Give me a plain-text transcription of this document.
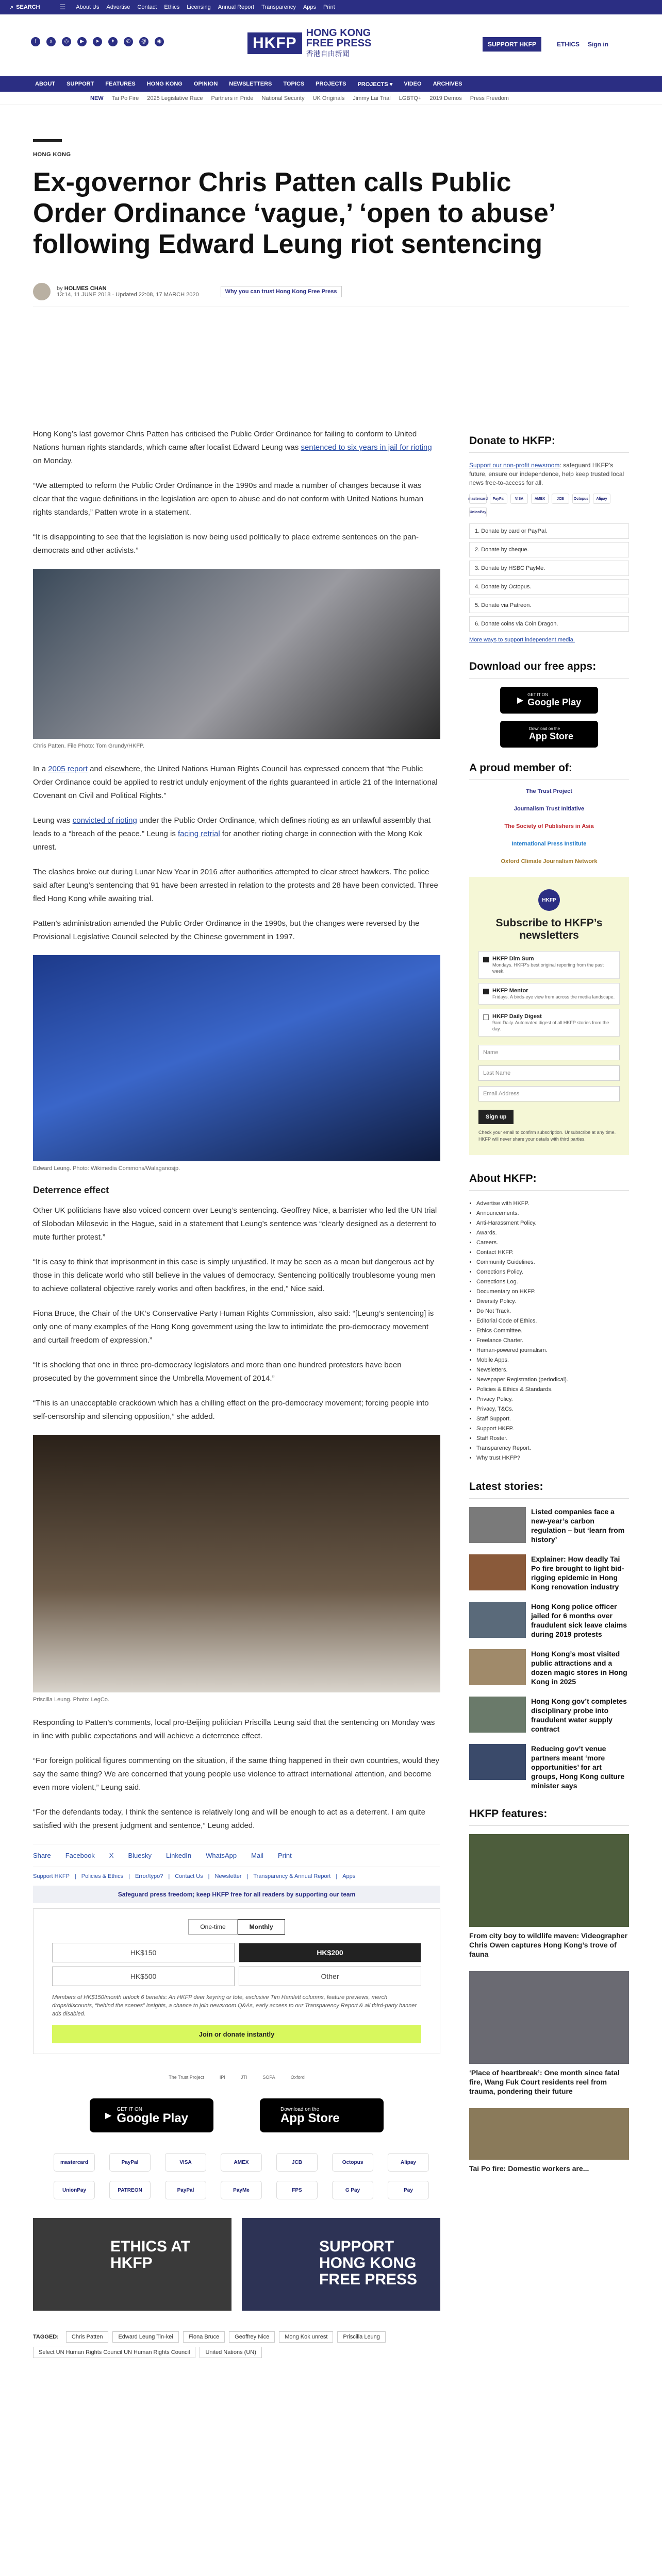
⌕ SEARCH	☰ About Us Advertise Contact Ethics Licensing Annual Report Transparency Apps Print
f	x	◎	▶	➤	✦	✆	@	◉	HKFP
HONG KONG
FREE PRESS
香港自由新聞
SUPPORT HKFP	ETHICS Sign in
ABOUT SUPPORT FEATURES HONG KONG OPINION NEWSLETTERS TOPICS PROJECTS PROJECTS ▾ VIDEO ARCHIVES
NEW Tai Po Fire 2025 Legislative Race Partners in Pride National Security UK Originals Jimmy Lai Trial LGBTQ+ 2019 Demos Press Freedom
HONG KONG
Ex-governor Chris Patten calls Public Order Ordinance ‘vague,’ ‘open to abuse’ following Edward Leung riot sentencing
by HOLMES CHAN
13:14, 11 JUNE 2018 · Updated 22:08, 17 MARCH 2020	Why you can trust Hong Kong Free Press

Hong Kong’s last governor Chris Patten has criticised the Public Order Ordinance for failing to conform to United Nations human rights standards, which came after localist Edward Leung was sentenced to six years in jail for rioting on Monday.

“We attempted to reform the Public Order Ordinance in the 1990s and made a number of changes because it was clear that the vague definitions in the legislation are open to abuse and do not conform with United Nations human rights standards,” Patten wrote in a statement.

“It is disappointing to see that the legislation is now being used politically to place extreme sentences on the pan-democrats and other activists.”

Chris Patten. File Photo: Tom Grundy/HKFP.

In a 2005 report and elsewhere, the United Nations Human Rights Council has expressed concern that “the Public Order Ordinance could be applied to restrict unduly enjoyment of the rights guaranteed in article 21 of the International Covenant on Civil and Political Rights.”

Leung was convicted of rioting under the Public Order Ordinance, which defines rioting as an unlawful assembly that leads to a “breach of the peace.” Leung is facing retrial for another rioting charge in connection with the Mong Kok unrest.

The clashes broke out during Lunar New Year in 2016 after authorities attempted to clear street hawkers. The police said after Leung’s sentencing that 91 have been arrested in relation to the protests and 28 have been convicted. Three fled Hong Kong while awaiting trial.

Patten’s administration amended the Public Order Ordinance in the 1990s, but the changes were reversed by the Provisional Legislative Council selected by the Chinese government in 1997.

Edward Leung. Photo: Wikimedia Commons/Walaganosjp.
Deterrence effect

Other UK politicians have also voiced concern over Leung’s sentencing. Geoffrey Nice, a barrister who led the UN trial of Slobodan Milosevic in the Hague, said in a statement that Leung’s sentence was “clearly designed as a deterrent to mute further protest.”

“It is easy to think that imprisonment in this case is simply unjustified. It may be seen as a mean but dangerous act by those in this delicate world who still believe in the values of democracy. Sentencing politically troublesome young men to achieve collateral objective rarely works and often backfires, in the end,” Nice said.

Fiona Bruce, the Chair of the UK’s Conservative Party Human Rights Commission, also said: “[Leung’s sentencing] is only one of many examples of the Hong Kong government using the law to intimidate the pro-democracy movement and curtail freedom of expression.”

“It is shocking that one in three pro-democracy legislators and more than one hundred protesters have been prosecuted by the government since the Umbrella Movement of 2014.”

“This is an unacceptable crackdown which has a chilling effect on the pro-democracy movement; forcing people into self-censorship and silencing opposition,” she added.

Priscilla Leung. Photo: LegCo.

Responding to Patten’s comments, local pro-Beijing politician Priscilla Leung said that the sentencing on Monday was in line with public expectations and will achieve a deterrence effect.

“For foreign political figures commenting on the situation, if the same thing happened in their own countries, would they say the same thing? We are concerned that young people use violence to attract international attention, and become even more violent,” Leung said.

“For the defendants today, I think the sentence is relatively long and will be enough to act as a deterrent. I am quite satisfied with the present judgment and sentence,” Leung added.

Share Facebook X Bluesky LinkedIn WhatsApp Mail Print
Support HKFP | Policies & Ethics | Error/typo? | Contact Us | Newsletter | Transparency & Annual Report | Apps
Safeguard press freedom; keep HKFP free for all readers by supporting our team
One-time	Monthly
HK$150	HK$200
HK$500	Other
Members of HK$150/month unlock 6 benefits: An HKFP deer keyring or tote, exclusive Tim Hamlett columns, feature previews, merch drops/discounts, “behind the scenes” insights, a chance to join newsroom Q&As, early access to our Transparency Report & all third-party banner ads disabled.
Join or donate instantly
The Trust Project	IPI	JTI	SOPA	Oxford
▶
GET IT ON
Google Play
Download on the
App Store
mastercard	PayPal	VISA	AMEX	JCB	Octopus	Alipay
UnionPay	PATREON	PayPal	PayMe	FPS	G Pay	Pay
ETHICS AT HKFP
SUPPORT HONG KONG FREE PRESS
TAGGED:	Chris Patten	Edward Leung Tin-kei	Fiona Bruce	Geoffrey Nice	Mong Kok unrest	Priscilla Leung
Select UN Human Rights Council UN Human Rights Council	United Nations (UN)
Donate to HKFP:
Support our non-profit newsroom: safeguard HKFP’s future, ensure our independence, help keep trusted local news free-to-access for all.
mastercard	PayPal	VISA	AMEX	JCB	Octopus	Alipay
UnionPay
1. Donate by card or PayPal.
2. Donate by cheque.
3. Donate by HSBC PayMe.
4. Donate by Octopus.
5. Donate via Patreon.
6. Donate coins via Coin Dragon.
More ways to support independent media.
Download our free apps:
▶
GET IT ON
Google Play
Download on the
App Store
A proud member of:
The Trust Project
Journalism Trust Initiative
The Society of Publishers in Asia
International Press Institute
Oxford Climate Journalism Network
HKFP
Subscribe to HKFP’s newsletters
HKFP Dim Sum
Mondays. HKFP's best original reporting from the past week.
HKFP Mentor
Fridays. A birds-eye view from across the media landscape.
HKFP Daily Digest
9am Daily. Automated digest of all HKFP stories from the day.
Name
Last Name
Email Address
Sign up
Check your email to confirm subscription. Unsubscribe at any time. HKFP will never share your details with third parties.
About HKFP:
• Advertise with HKFP.
• Announcements.
• Anti-Harassment Policy.
• Awards.
• Careers.
• Contact HKFP.
• Community Guidelines.
• Corrections Policy.
• Corrections Log.
• Documentary on HKFP.
• Diversity Policy.
• Do Not Track.
• Editorial Code of Ethics.
• Ethics Committee.
• Freelance Charter.
• Human-powered journalism.
• Mobile Apps.
• Newsletters.
• Newspaper Registration (periodical).
• Policies & Ethics & Standards.
• Privacy Policy.
• Privacy, T&Cs.
• Staff Support.
• Support HKFP.
• Staff Roster.
• Transparency Report.
• Why trust HKFP?
Latest stories:
Listed companies face a new-year’s carbon regulation – but ‘learn from history’
Explainer: How deadly Tai Po fire brought to light bid-rigging epidemic in Hong Kong renovation industry
Hong Kong police officer jailed for 6 months over fraudulent sick leave claims during 2019 protests
Hong Kong’s most visited public attractions and a dozen magic stores in Hong Kong in 2025
Hong Kong gov’t completes disciplinary probe into fraudulent water supply contract
Reducing gov’t venue partners meant ‘more opportunities’ for art groups, Hong Kong culture minister says
HKFP features:
From city boy to wildlife maven: Videographer Chris Owen captures Hong Kong’s trove of fauna
‘Place of heartbreak’: One month since fatal fire, Wang Fuk Court residents reel from trauma, pondering their future
Tai Po fire: Domestic workers are...
